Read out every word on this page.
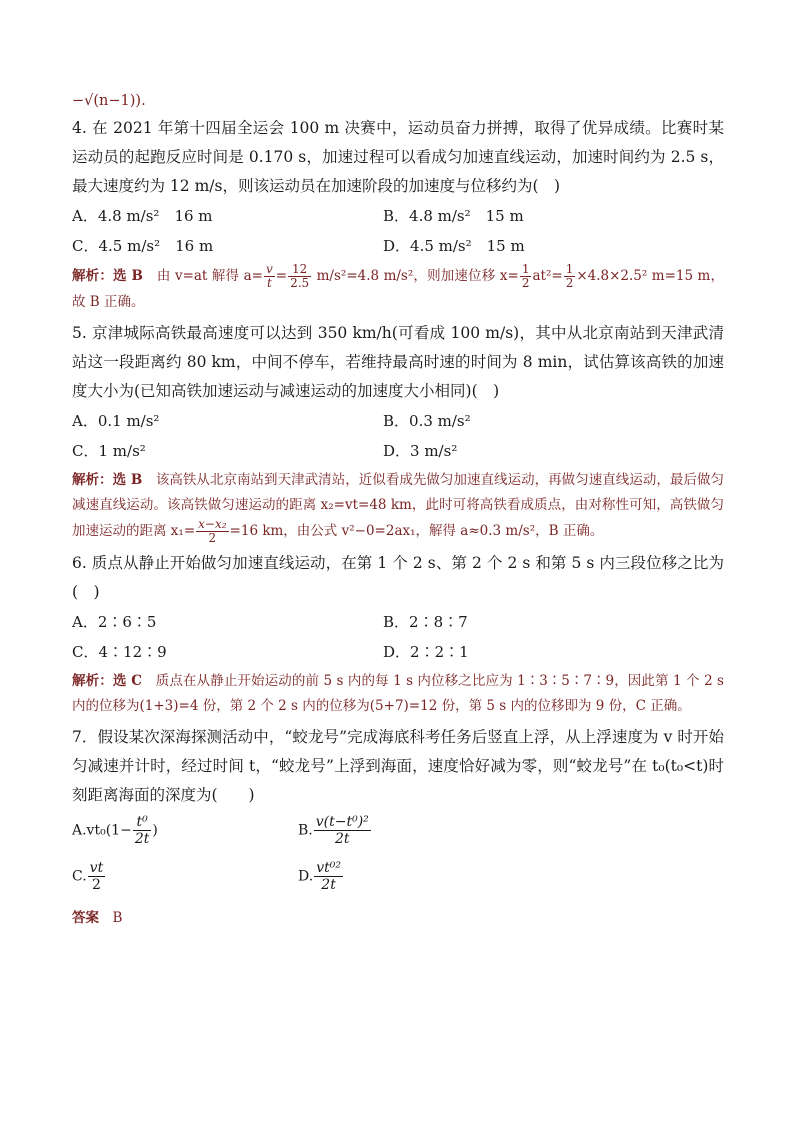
−√(n−1)).

4. 在 2021 年第十四届全运会 100 m 决赛中，运动员奋力拼搏，取得了优异成绩。比赛时某运动员的起跑反应时间是 0.170 s，加速过程可以看成匀加速直线运动，加速时间约为 2.5 s，最大速度约为 12 m/s，则该运动员在加速阶段的加速度与位移约为(　)

A．4.8 m/s²　16 m	B．4.8 m/s²　15 m
C．4.5 m/s²　16 m	D．4.5 m/s²　15 m

解析：选 B　 由 v=at 解得 $a= \frac{v}{t} = \frac{12}{2.5} m/s^2=4.8$ m/s²，则加速位移 $x= \frac{1}{2} at^2= \frac{1}{2} \times 4.8\times 2.5^2$ m=15 m，故 B 正确。

5. 京津城际高铁最高速度可以达到 350 km/h(可看成 100 m/s)，其中从北京南站到天津武清站这一段距离约 80 km，中间不停车，若维持最高时速的时间为 8 min，试估算该高铁的加速度大小为(已知高铁加速运动与减速运动的加速度大小相同)(　)

A．0.1 m/s²	B．0.3 m/s²
C．1 m/s²	D．3 m/s²

解析：选 B　 该高铁从北京南站到天津武清站，近似看成先做匀加速直线运动，再做匀速直线运动，最后做匀减速直线运动。该高铁做匀速运动的距离 x₂=vt=48 km，此时可将高铁看成质点，由对称性可知，高铁做匀加速运动的距离 $x_1= \frac{\text{x−x₂}}{2} =16$ km，由公式 v²−0=2ax₁，解得 a≈0.3 m/s²，B 正确。

6. 质点从静止开始做匀加速直线运动，在第 1 个 2 s、第 2 个 2 s 和第 5 s 内三段位移之比为(　)

A．2∶6∶5	B．2∶8∶7
C．4∶12∶9	D．2∶2∶1

解析：选 C　 质点在从静止开始运动的前 5 s 内的每 1 s 内位移之比应为 1∶3∶5∶7∶9，因此第 1 个 2 s 内的位移为(1+3)=4 份，第 2 个 2 s 内的位移为(5+7)=12 份，第 5 s 内的位移即为 9 份，C 正确。

7．假设某次深海探测活动中，“蛟龙号”完成海底科考任务后竖直上浮，从上浮速度为 v 时开始匀减速并计时，经过时间 t，“蛟龙号”上浮到海面，速度恰好减为零，则“蛟龙号”在 t₀(t₀<t)时刻距离海面的深度为(　　)

$A.vt_0(1- \frac{\text{t⁰}}{2t}$ )	B. $\frac{\text{v(t−t⁰)²}}{2t}$
C. $\frac{vt}{2}$	D. $\frac{\text{vt⁰²}}{2t}$
答案　 B
